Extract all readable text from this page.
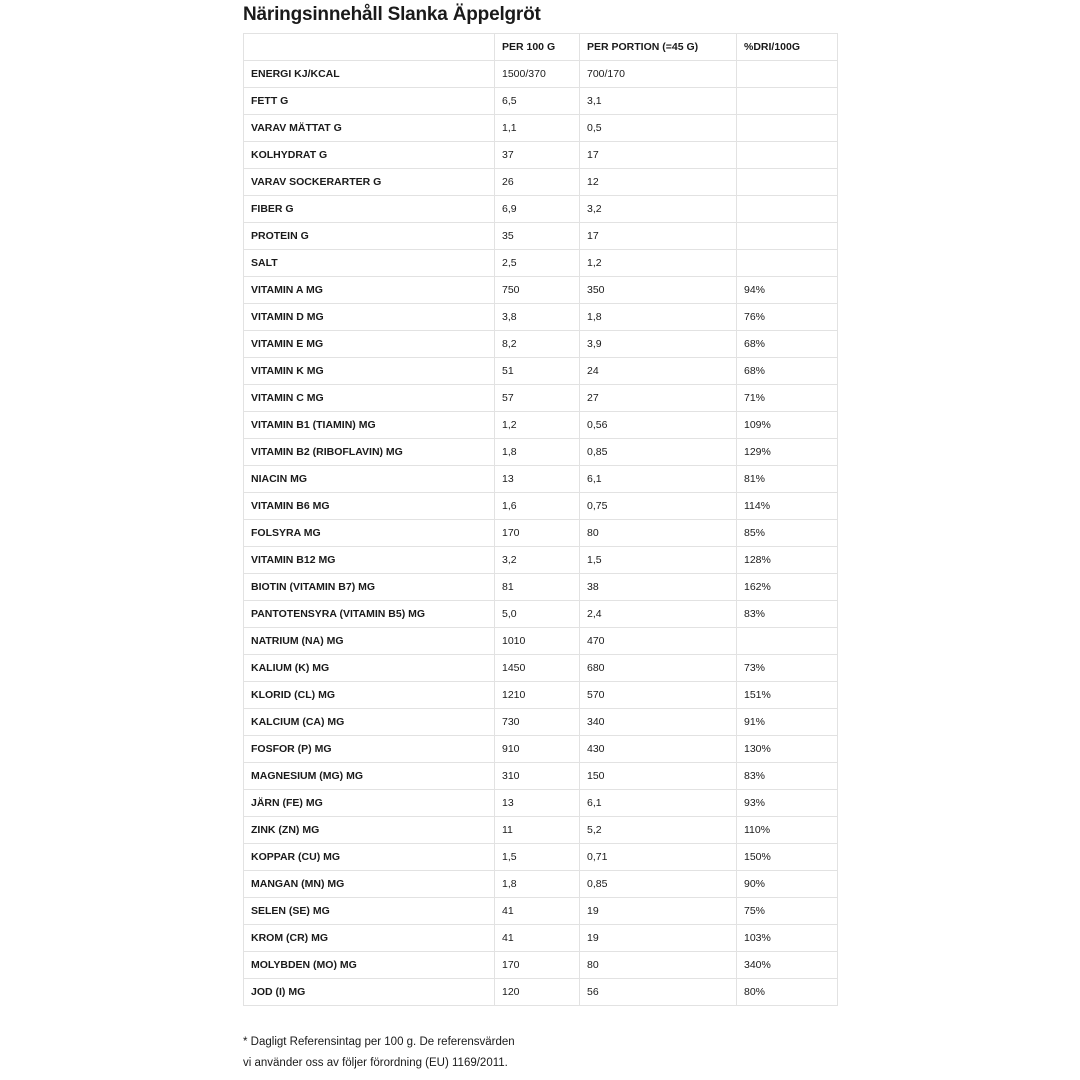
Näringsinnehåll Slanka Äppelgröt
	PER 100 G	PER PORTION (=45 G)	%DRI/100G
ENERGI KJ/KCAL	1500/370	700/170	
FETT G	6,5	3,1	
VARAV MÄTTAT G	1,1	0,5	
KOLHYDRAT G	37	17	
VARAV SOCKERARTER G	26	12	
FIBER G	6,9	3,2	
PROTEIN G	35	17	
SALT	2,5	1,2	
VITAMIN A MG	750	350	94%
VITAMIN D MG	3,8	1,8	76%
VITAMIN E MG	8,2	3,9	68%
VITAMIN K MG	51	24	68%
VITAMIN C MG	57	27	71%
VITAMIN B1 (TIAMIN) MG	1,2	0,56	109%
VITAMIN B2 (RIBOFLAVIN) MG	1,8	0,85	129%
NIACIN MG	13	6,1	81%
VITAMIN B6 MG	1,6	0,75	114%
FOLSYRA MG	170	80	85%
VITAMIN B12 MG	3,2	1,5	128%
BIOTIN (VITAMIN B7) MG	81	38	162%
PANTOTENSYRA (VITAMIN B5) MG	5,0	2,4	83%
NATRIUM (NA) MG	1010	470	
KALIUM (K) MG	1450	680	73%
KLORID (CL) MG	1210	570	151%
KALCIUM (CA) MG	730	340	91%
FOSFOR (P) MG	910	430	130%
MAGNESIUM (MG) MG	310	150	83%
JÄRN (FE) MG	13	6,1	93%
ZINK (ZN) MG	11	5,2	110%
KOPPAR (CU) MG	1,5	0,71	150%
MANGAN (MN) MG	1,8	0,85	90%
SELEN (SE) MG	41	19	75%
KROM (CR) MG	41	19	103%
MOLYBDEN (MO) MG	170	80	340%
JOD (I) MG	120	56	80%
* Dagligt Referensintag per 100 g. De referensvärden
vi använder oss av följer förordning (EU) 1169/2011.
